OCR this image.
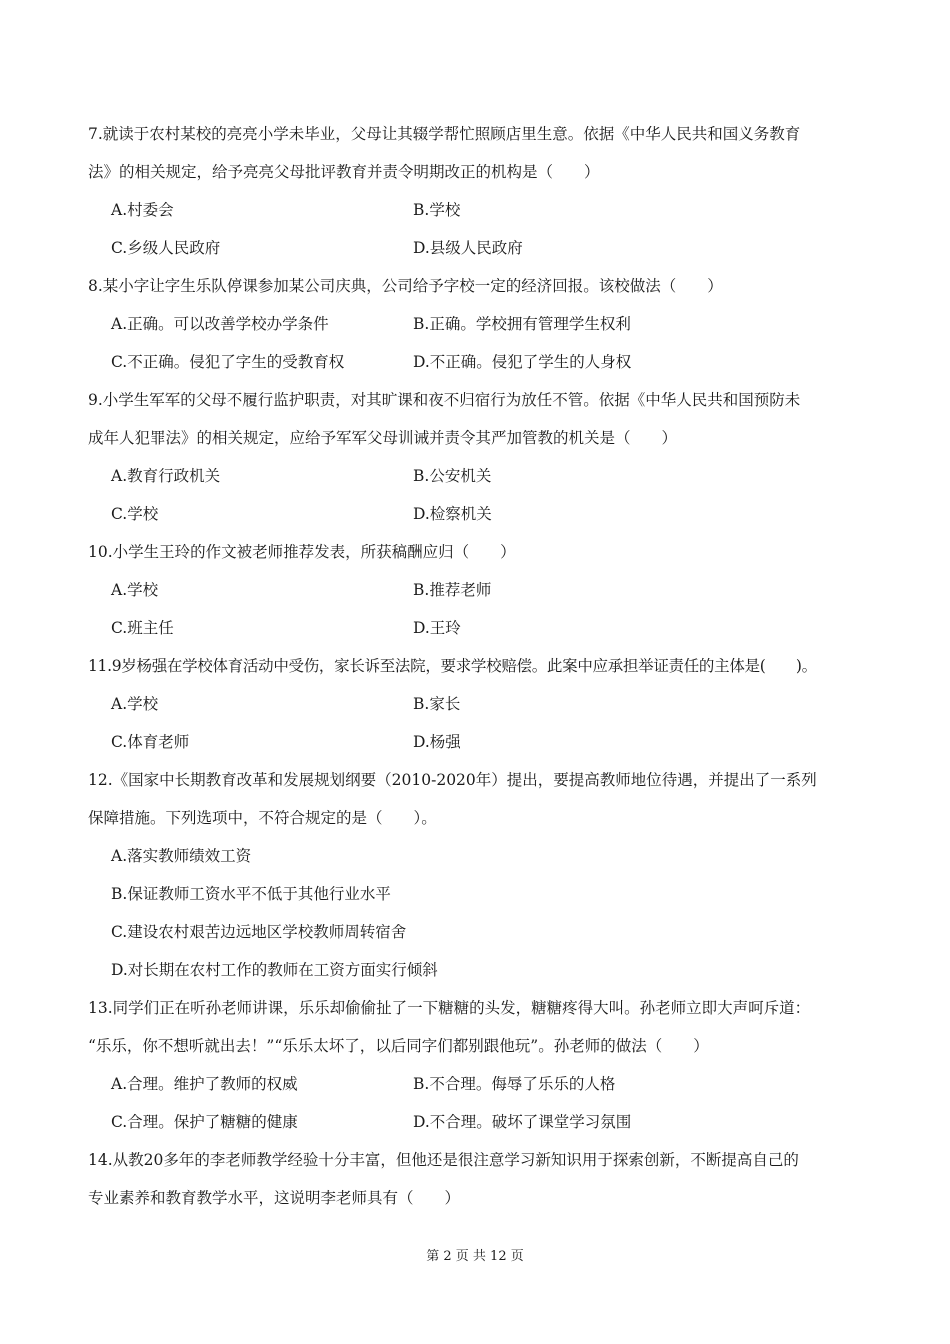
7.就读于农村某校的亮亮小学未毕业，父母让其辍学帮忙照顾店里生意。依据《中华人民共和国义务教育
法》的相关规定，给予亮亮父母批评教育并责令明期改正的机构是（　　）
A.村委会	B.学校
C.乡级人民政府	D.县级人民政府
8.某小字让字生乐队停课参加某公司庆典，公司给予字校一定的经济回报。该校做法（　　）
A.正确。可以改善学校办学条件	B.正确。学校拥有管理学生权利
C.不正确。侵犯了字生的受教育权	D.不正确。侵犯了学生的人身权
9.小学生军军的父母不履行监护职责，对其旷课和夜不归宿行为放任不管。依据《中华人民共和国预防未
成年人犯罪法》的相关规定，应给予军军父母训诫并责令其严加管教的机关是（　　）
A.教育行政机关	B.公安机关
C.学校	D.检察机关
10.小学生王玲的作文被老师推荐发表，所获稿酬应归（　　）
A.学校	B.推荐老师
C.班主任	D.王玲
11.9岁杨强在学校体育活动中受伤，家长诉至法院，要求学校赔偿。此案中应承担举证责任的主体是(　　)。
A.学校	B.家长
C.体育老师	D.杨强
12.《国家中长期教育改革和发展规划纲要（2010-2020年）提出，要提高教师地位待遇，并提出了一系列
保障措施。下列选项中，不符合规定的是（　　）。
A.落实教师绩效工资
B.保证教师工资水平不低于其他行业水平
C.建设农村艰苦边远地区学校教师周转宿舍
D.对长期在农村工作的教师在工资方面实行倾斜
13.同学们正在听孙老师讲课，乐乐却偷偷扯了一下糖糖的头发，糖糖疼得大叫。孙老师立即大声呵斥道：
“乐乐，你不想听就出去！”“乐乐太坏了，以后同字们都别跟他玩”。孙老师的做法（　　）
A.合理。维护了教师的权威	B.不合理。侮辱了乐乐的人格
C.合理。保护了糖糖的健康	D.不合理。破坏了课堂学习氛围
14.从教20多年的李老师教学经验十分丰富，但他还是很注意学习新知识用于探索创新，不断提高自己的
专业素养和教育教学水平，这说明李老师具有（　　）
第 2 页 共 12 页
